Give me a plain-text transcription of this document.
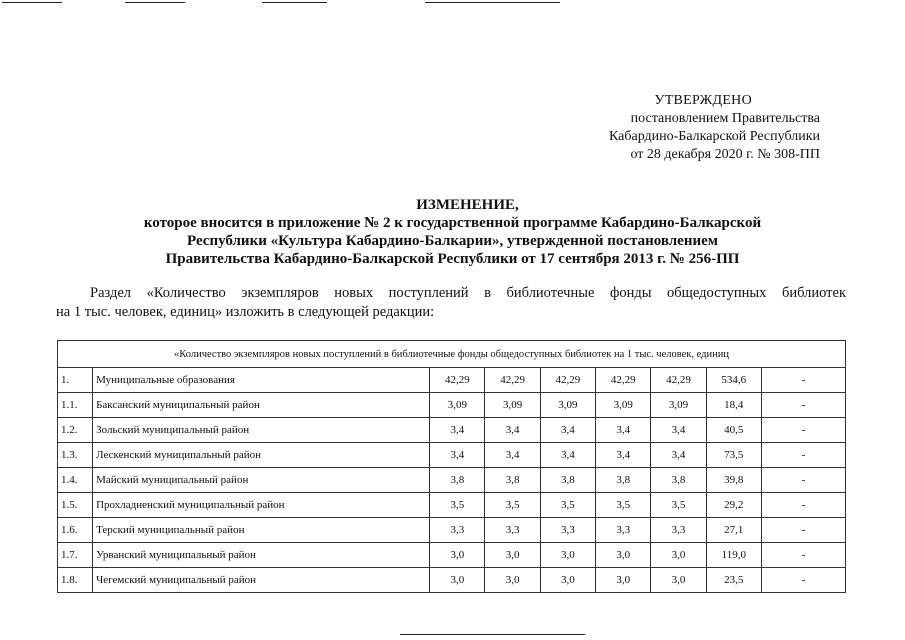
УТВЕРЖДЕНО
постановлением Правительства
Кабардино-Балкарской Республики
от 28 декабря 2020 г. № 308-ПП
ИЗМЕНЕНИЕ,
которое вносится в приложение № 2 к государственной программе Кабардино-Балкарской
Республики «Культура Кабардино-Балкарии», утвержденной постановлением
Правительства Кабардино-Балкарской Республики от 17 сентября 2013 г. № 256-ПП
Раздел «Количество экземпляров новых поступлений в библиотечные фонды общедоступных библиотек
на 1 тыс. человек, единиц» изложить в следующей редакции:
«Количество экземпляров новых поступлений в библиотечные фонды общедоступных библиотек на 1 тыс. человек, единиц								
1.	Муниципальные образования	42,29	42,29	42,29	42,29	42,29	534,6	-
1.1.	Баксанский муниципальный район	3,09	3,09	3,09	3,09	3,09	18,4	-
1.2.	Зольский муниципальный район	3,4	3,4	3,4	3,4	3,4	40,5	-
1.3.	Лескенский муниципальный район	3,4	3,4	3,4	3,4	3,4	73,5	-
1.4.	Майский муниципальный район	3,8	3,8	3,8	3,8	3,8	39,8	-
1.5.	Прохладненский муниципальный район	3,5	3,5	3,5	3,5	3,5	29,2	-
1.6.	Терский муниципальный район	3,3	3,3	3,3	3,3	3,3	27,1	-
1.7.	Урванский муниципальный район	3,0	3,0	3,0	3,0	3,0	119,0	-
1.8.	Чегемский муниципальный район	3,0	3,0	3,0	3,0	3,0	23,5	-
